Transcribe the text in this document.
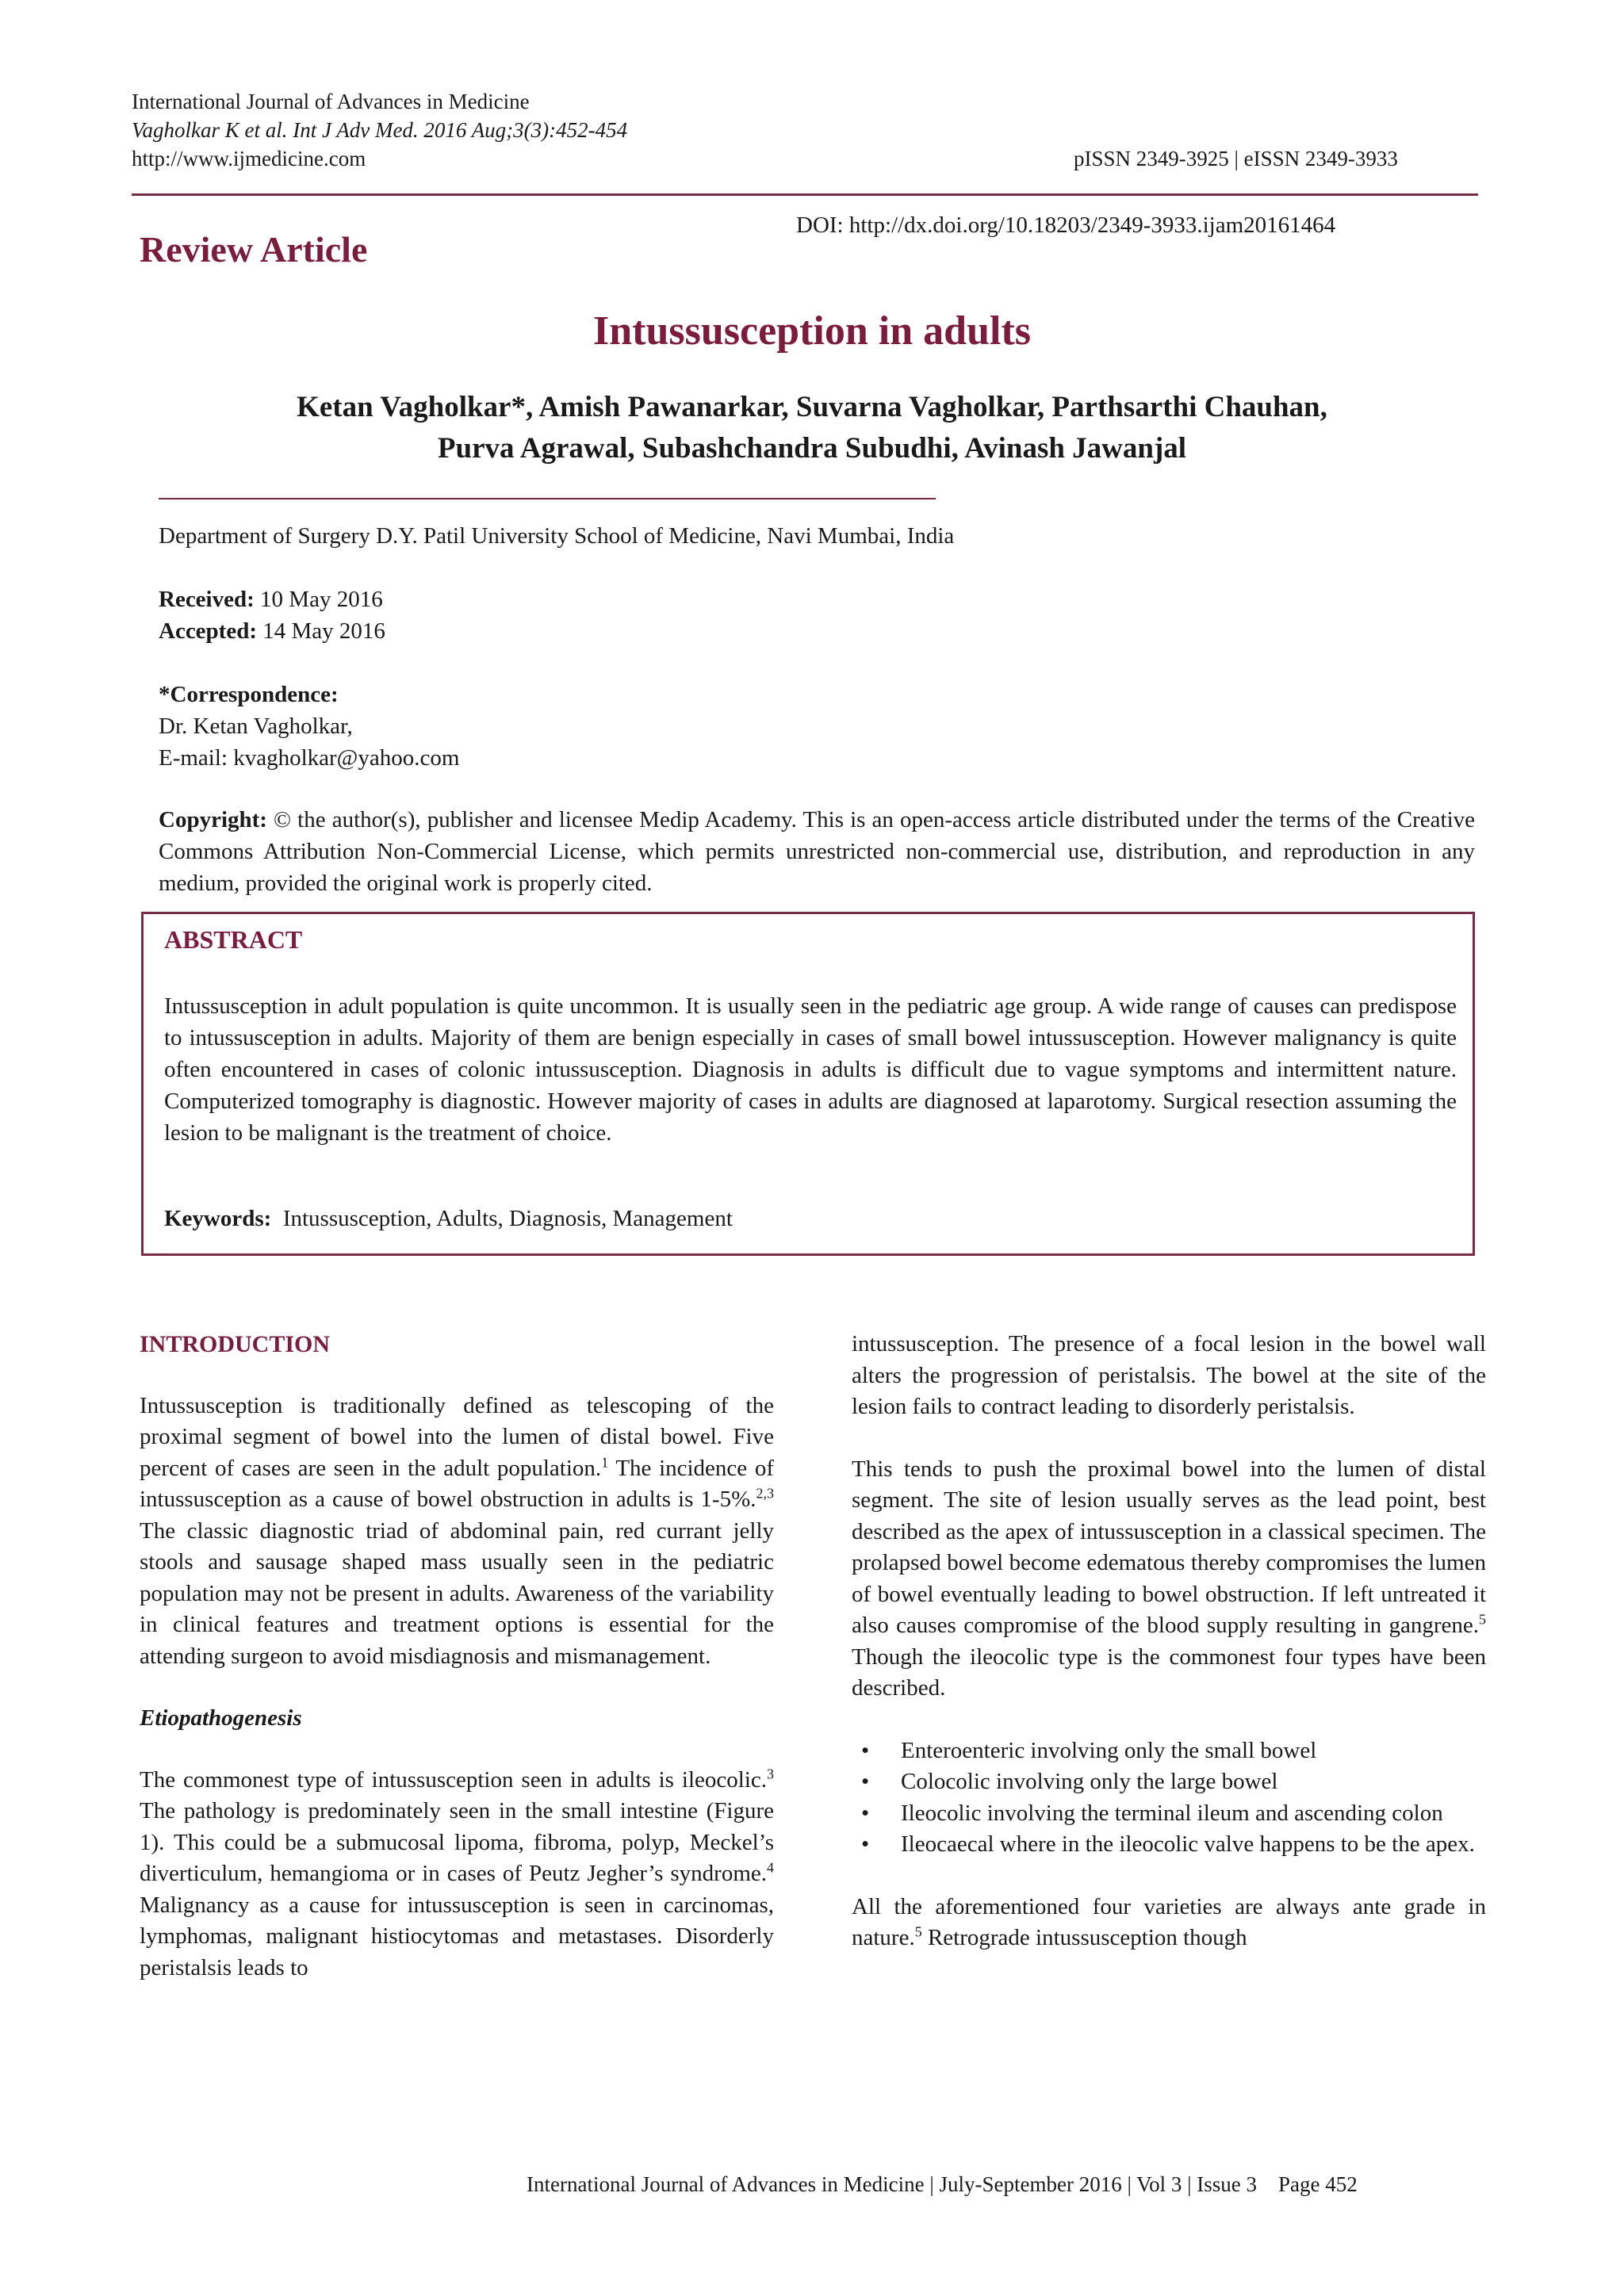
International Journal of Advances in Medicine
Vagholkar K et al. Int J Adv Med. 2016 Aug;3(3):452-454
http://www.ijmedicine.com	pISSN 2349-3925 | eISSN 2349-3933
Review Article
DOI: http://dx.doi.org/10.18203/2349-3933.ijam20161464
Intussusception in adults
Ketan Vagholkar*, Amish Pawanarkar, Suvarna Vagholkar, Parthsarthi Chauhan,
Purva Agrawal, Subashchandra Subudhi, Avinash Jawanjal
Department of Surgery D.Y. Patil University School of Medicine, Navi Mumbai, India
Received: 10 May 2016
Accepted: 14 May 2016
*Correspondence:
Dr. Ketan Vagholkar,
E-mail: kvagholkar@yahoo.com
Copyright: © the author(s), publisher and licensee Medip Academy. This is an open-access article distributed under the terms of the Creative Commons Attribution Non-Commercial License, which permits unrestricted non-commercial use, distribution, and reproduction in any medium, provided the original work is properly cited.
ABSTRACT
Intussusception in adult population is quite uncommon. It is usually seen in the pediatric age group. A wide range of causes can predispose to intussusception in adults. Majority of them are benign especially in cases of small bowel intussusception. However malignancy is quite often encountered in cases of colonic intussusception. Diagnosis in adults is difficult due to vague symptoms and intermittent nature. Computerized tomography is diagnostic. However majority of cases in adults are diagnosed at laparotomy. Surgical resection assuming the lesion to be malignant is the treatment of choice.
Keywords: Intussusception, Adults, Diagnosis, Management
INTRODUCTION

Intussusception is traditionally defined as telescoping of the proximal segment of bowel into the lumen of distal bowel. Five percent of cases are seen in the adult population.$^1$ The incidence of intussusception as a cause of bowel obstruction in adults is 1-5%.$^{2,3}$ The classic diagnostic triad of abdominal pain, red currant jelly stools and sausage shaped mass usually seen in the pediatric population may not be present in adults. Awareness of the variability in clinical features and treatment options is essential for the attending surgeon to avoid misdiagnosis and mismanagement.

Etiopathogenesis

The commonest type of intussusception seen in adults is ileocolic.$^3$ The pathology is predominately seen in the small intestine (Figure 1). This could be a submucosal lipoma, fibroma, polyp, Meckel’s diverticulum, hemangioma or in cases of Peutz Jegher’s syndrome.$^4$ Malignancy as a cause for intussusception is seen in carcinomas, lymphomas, malignant histiocytomas and metastases. Disorderly peristalsis leads to

intussusception. The presence of a focal lesion in the bowel wall alters the progression of peristalsis. The bowel at the site of the lesion fails to contract leading to disorderly peristalsis.

This tends to push the proximal bowel into the lumen of distal segment. The site of lesion usually serves as the lead point, best described as the apex of intussusception in a classical specimen. The prolapsed bowel become edematous thereby compromises the lumen of bowel eventually leading to bowel obstruction. If left untreated it also causes compromise of the blood supply resulting in gangrene.$^5$ Though the ileocolic type is the commonest four types have been described.

• Enteroenteric involving only the small bowel
• Colocolic involving only the large bowel
• Ileocolic involving the terminal ileum and ascending colon
• Ileocaecal where in the ileocolic valve happens to be the apex.

All the aforementioned four varieties are always ante grade in nature.$^5$ Retrograde intussusception though

International Journal of Advances in Medicine | July-September 2016 | Vol 3 | Issue 3    Page 452
